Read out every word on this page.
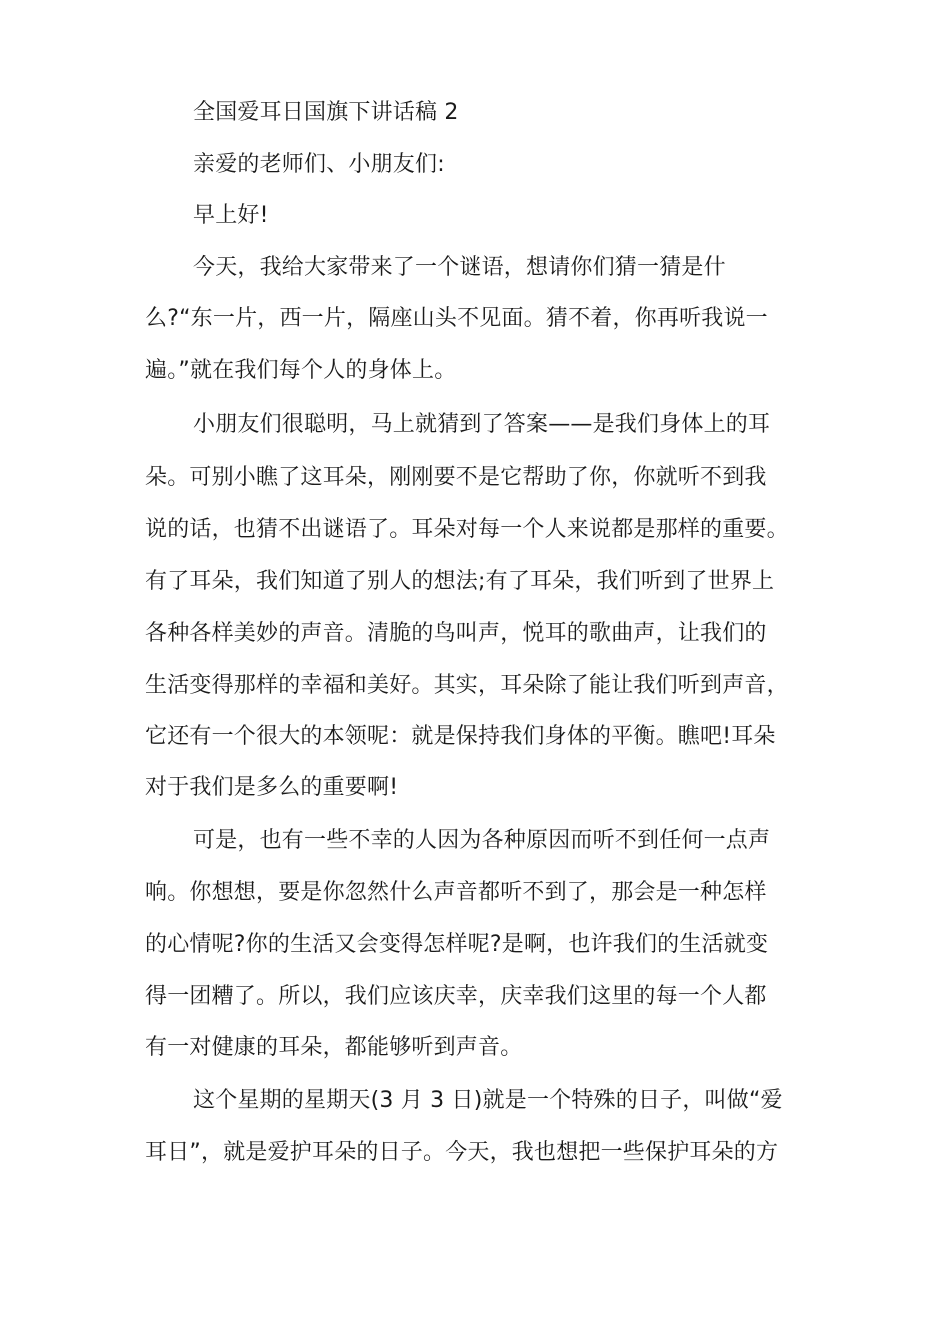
全国爱耳日国旗下讲话稿 2
亲爱的老师们、小朋友们:
早上好!
今天，我给大家带来了一个谜语，想请你们猜一猜是什
么?“东一片，西一片，隔座山头不见面。猜不着，你再听我说一
遍。”就在我们每个人的身体上。
小朋友们很聪明，马上就猜到了答案——是我们身体上的耳
朵。可别小瞧了这耳朵，刚刚要不是它帮助了你，你就听不到我
说的话，也猜不出谜语了。耳朵对每一个人来说都是那样的重要。
有了耳朵，我们知道了别人的想法;有了耳朵，我们听到了世界上
各种各样美妙的声音。清脆的鸟叫声，悦耳的歌曲声，让我们的
生活变得那样的幸福和美好。其实，耳朵除了能让我们听到声音，
它还有一个很大的本领呢：就是保持我们身体的平衡。瞧吧!耳朵
对于我们是多么的重要啊!
可是，也有一些不幸的人因为各种原因而听不到任何一点声
响。你想想，要是你忽然什么声音都听不到了，那会是一种怎样
的心情呢?你的生活又会变得怎样呢?是啊，也许我们的生活就变
得一团糟了。所以，我们应该庆幸，庆幸我们这里的每一个人都
有一对健康的耳朵，都能够听到声音。
这个星期的星期天(3 月 3 日)就是一个特殊的日子，叫做“爱
耳日”，就是爱护耳朵的日子。今天，我也想把一些保护耳朵的方
